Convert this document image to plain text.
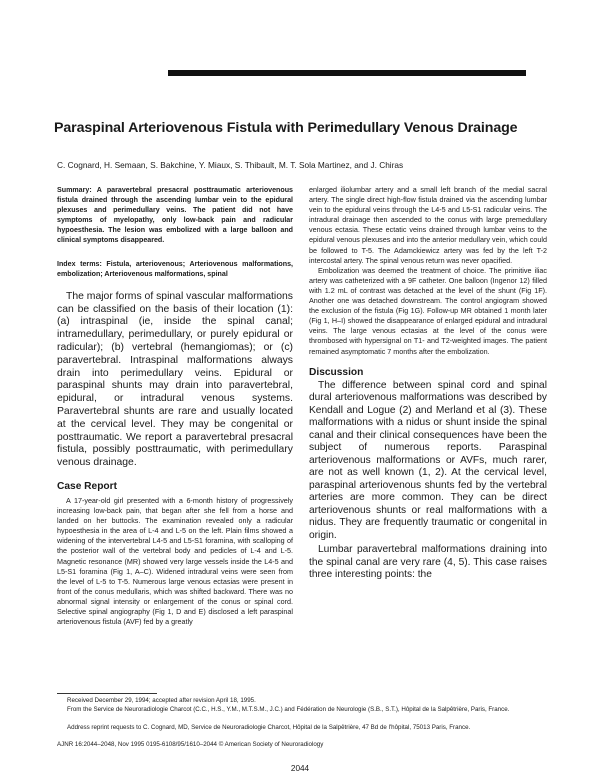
Paraspinal Arteriovenous Fistula with Perimedullary Venous Drainage
C. Cognard, H. Semaan, S. Bakchine, Y. Miaux, S. Thibault, M. T. Sola Martinez, and J. Chiras

Summary: A paravertebral presacral posttraumatic arteriovenous fistula drained through the ascending lumbar vein to the epidural plexuses and perimedullary veins. The patient did not have symptoms of myelopathy, only low-back pain and radicular hypoesthesia. The lesion was embolized with a large balloon and clinical symptoms disappeared.

Index terms: Fistula, arteriovenous; Arteriovenous malformations, embolization; Arteriovenous malformations, spinal

The major forms of spinal vascular malformations can be classified on the basis of their location (1): (a) intraspinal (ie, inside the spinal canal; intramedullary, perimedullary, or purely epidural or radicular); (b) vertebral (hemangiomas); or (c) paravertebral. Intraspinal malformations always drain into perimedullary veins. Epidural or paraspinal shunts may drain into paravertebral, epidural, or intradural venous systems. Paravertebral shunts are rare and usually located at the cervical level. They may be congenital or posttraumatic. We report a paravertebral presacral fistula, possibly posttraumatic, with perimedullary venous drainage.

Case Report

A 17-year-old girl presented with a 6-month history of progressively increasing low-back pain, that began after she fell from a horse and landed on her buttocks. The examination revealed only a radicular hypoesthesia in the area of L-4 and L-5 on the left. Plain films showed a widening of the intervertebral L4-5 and L5-S1 foramina, with scalloping of the posterior wall of the vertebral body and pedicles of L-4 and L-5. Magnetic resonance (MR) showed very large vessels inside the L4-5 and L5-S1 foramina (Fig 1, A–C). Widened intradural veins were seen from the level of L-5 to T-5. Numerous large venous ectasias were present in front of the conus medullaris, which was shifted backward. There was no abnormal signal intensity or enlargement of the conus or spinal cord. Selective spinal angiography (Fig 1, D and E) disclosed a left paraspinal arteriovenous fistula (AVF) fed by a greatly

enlarged iliolumbar artery and a small left branch of the medial sacral artery. The single direct high-flow fistula drained via the ascending lumbar vein to the epidural veins through the L4-5 and L5-S1 radicular veins. The intradural drainage then ascended to the conus with large premedullary venous ectasia. These ectatic veins drained through lumbar veins to the epidural venous plexuses and into the anterior medullary vein, which could be followed to T-5. The Adamckiewicz artery was fed by the left T-2 intercostal artery. The spinal venous return was never opacified.

Embolization was deemed the treatment of choice. The primitive iliac artery was catheterized with a 9F catheter. One balloon (Ingenor 12) filled with 1.2 mL of contrast was detached at the level of the shunt (Fig 1F). Another one was detached downstream. The control angiogram showed the exclusion of the fistula (Fig 1G). Follow-up MR obtained 1 month later (Fig 1, H–I) showed the disappearance of enlarged epidural and intradural veins. The large venous ectasias at the level of the conus were thrombosed with hypersignal on T1- and T2-weighted images. The patient remained asymptomatic 7 months after the embolization.

Discussion

The difference between spinal cord and spinal dural arteriovenous malformations was described by Kendall and Logue (2) and Merland et al (3). These malformations with a nidus or shunt inside the spinal canal and their clinical consequences have been the subject of numerous reports. Paraspinal arteriovenous malformations or AVFs, much rarer, are not as well known (1, 2). At the cervical level, paraspinal arteriovenous shunts fed by the vertebral arteries are more common. They can be direct arteriovenous shunts or real malformations with a nidus. They are frequently traumatic or congenital in origin.

Lumbar paravertebral malformations draining into the spinal canal are very rare (4, 5). This case raises three interesting points: the

Received December 29, 1994; accepted after revision April 18, 1995.
From the Service de Neuroradiologie Charcot (C.C., H.S., Y.M., M.T.S.M., J.C.) and Fédération de Neurologie (S.B., S.T.), Hôpital de la Salpêtrière, Paris, France.
Address reprint requests to C. Cognard, MD, Service de Neuroradiologie Charcot, Hôpital de la Salpêtrière, 47 Bd de l'hôpital, 75013 Paris, France.
AJNR 16:2044–2048, Nov 1995 0195-6108/95/1610–2044 © American Society of Neuroradiology
2044
